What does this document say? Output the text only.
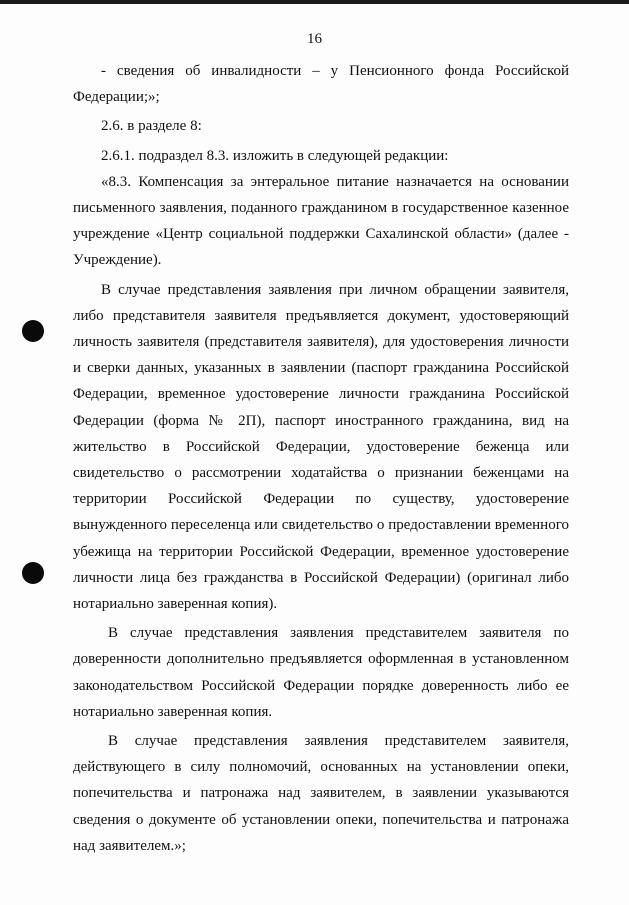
16

- сведения об инвалидности – у Пенсионного фонда Российской Федерации;»;

2.6. в разделе 8:

2.6.1. подраздел 8.3. изложить в следующей редакции:

«8.3. Компенсация за энтеральное питание назначается на основании письменного заявления, поданного гражданином в государственное казенное учреждение «Центр социальной поддержки Сахалинской области» (далее - Учреждение).

В случае представления заявления при личном обращении заявителя, либо представителя заявителя предъявляется документ, удостоверяющий личность заявителя (представителя заявителя), для удостоверения личности и сверки данных, указанных в заявлении (паспорт гражданина Российской Федерации, временное удостоверение личности гражданина Российской Федерации (форма № 2П), паспорт иностранного гражданина, вид на жительство в Российской Федерации, удостоверение беженца или свидетельство о рассмотрении ходатайства о признании беженцами на территории Российской Федерации по существу, удостоверение вынужденного переселенца или свидетельство о предоставлении временного убежища на территории Российской Федерации, временное удостоверение личности лица без гражданства в Российской Федерации) (оригинал либо нотариально заверенная копия).

В случае представления заявления представителем заявителя по доверенности дополнительно предъявляется оформленная в установленном законодательством Российской Федерации порядке доверенность либо ее нотариально заверенная копия.

В случае представления заявления представителем заявителя, действующего в силу полномочий, основанных на установлении опеки, попечительства и патронажа над заявителем, в заявлении указываются сведения о документе об установлении опеки, попечительства и патронажа над заявителем.»;
